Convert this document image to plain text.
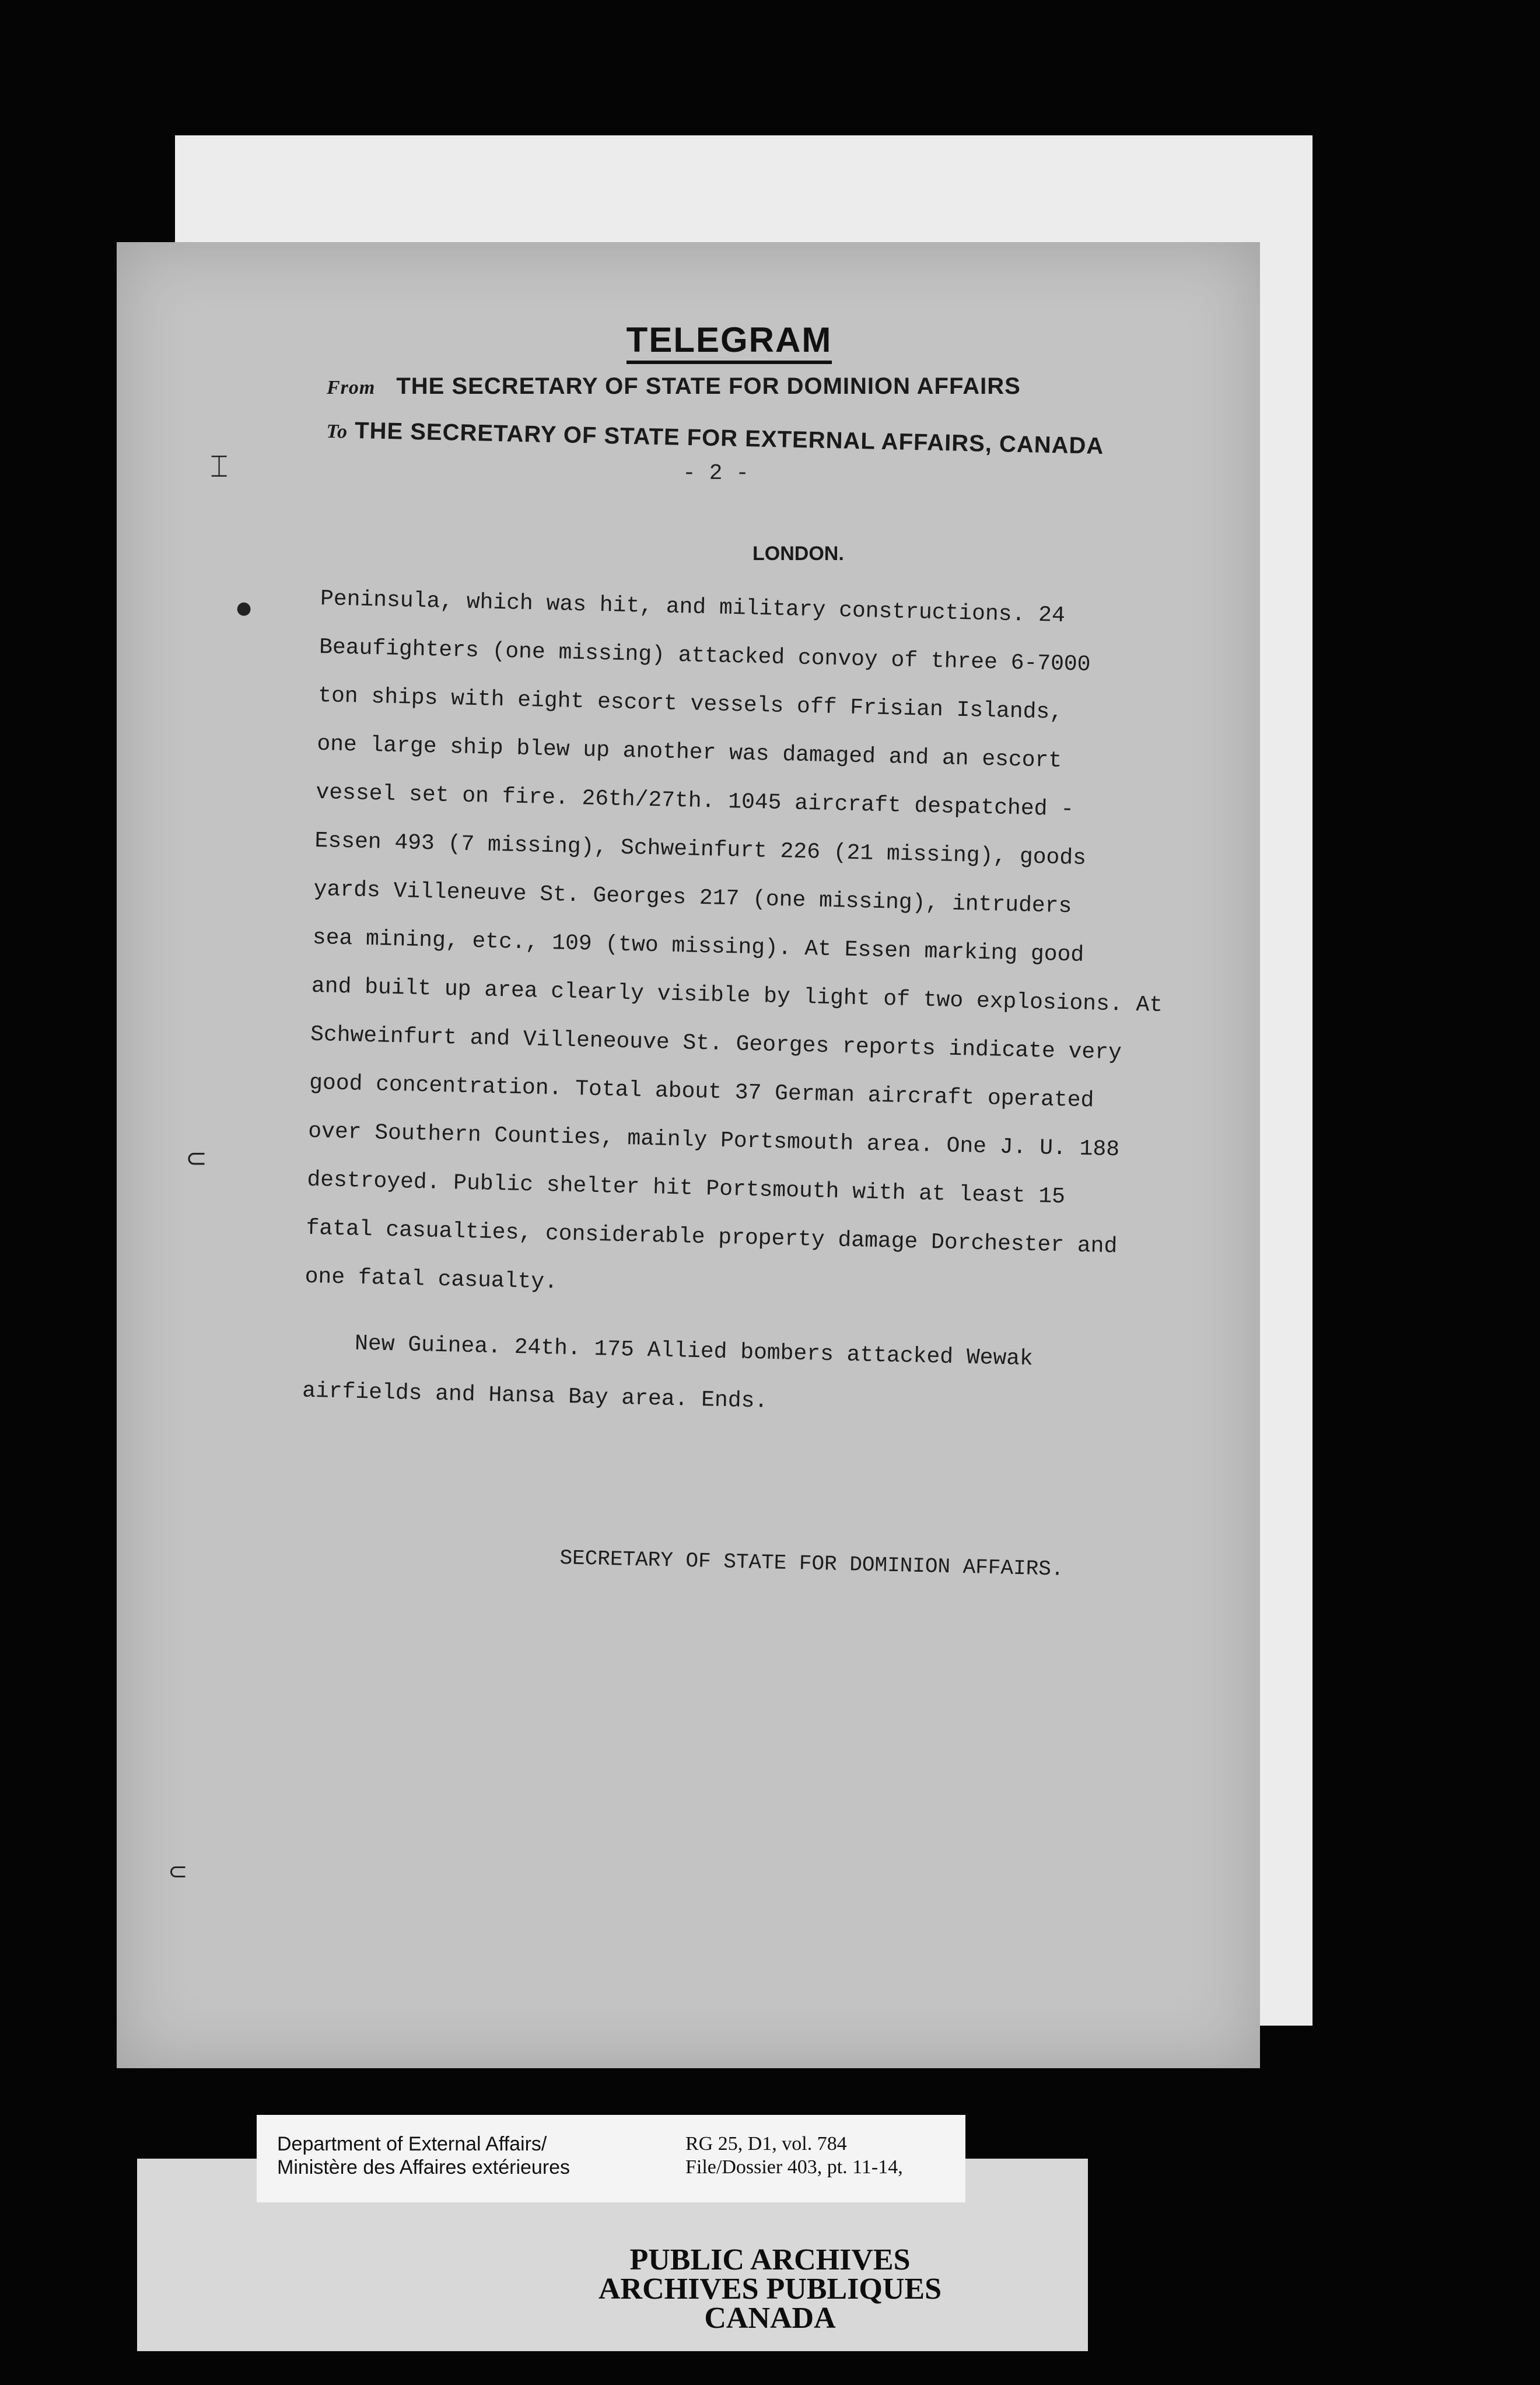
TELEGRAM
From THE SECRETARY OF STATE FOR DOMINION AFFAIRS
To THE SECRETARY OF STATE FOR EXTERNAL AFFAIRS, CANADA
- 2 -
LONDON.
Peninsula, which was hit, and military constructions. 24
Beaufighters (one missing) attacked convoy of three 6-7000
ton ships with eight escort vessels off Frisian Islands,
one large ship blew up another was damaged and an escort
vessel set on fire. 26th/27th. 1045 aircraft despatched -
Essen 493 (7 missing), Schweinfurt 226 (21 missing), goods
yards Villeneuve St. Georges 217 (one missing), intruders
sea mining, etc., 109 (two missing). At Essen marking good
and built up area clearly visible by light of two explosions. At
Schweinfurt and Villeneouve St. Georges reports indicate very
good concentration. Total about 37 German aircraft operated
over Southern Counties, mainly Portsmouth area. One J. U. 188
destroyed. Public shelter hit Portsmouth with at least 15
fatal casualties, considerable property damage Dorchester and
one fatal casualty.
New Guinea. 24th. 175 Allied bombers attacked Wewak
airfields and Hansa Bay area. Ends.
SECRETARY OF STATE FOR DOMINION AFFAIRS.
⌶
●
⊂
⊂
PUBLIC ARCHIVES
ARCHIVES PUBLIQUES
CANADA
Department of External Affairs/
Ministère des Affaires extérieures
RG 25, D1, vol. 784
File/Dossier 403, pt. 11-14,
